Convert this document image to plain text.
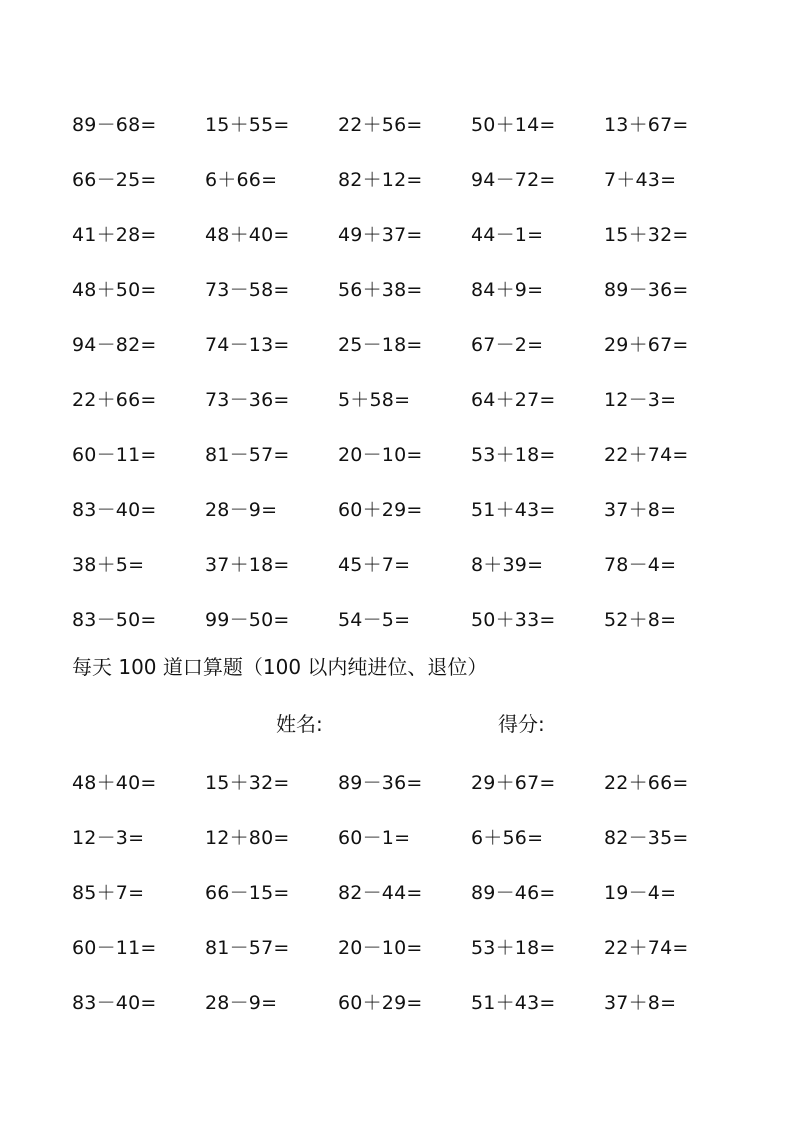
89－68=	15＋55=	22＋56=	50＋14=	13＋67=
66－25=	6＋66=	82＋12=	94－72=	7＋43=
41＋28=	48＋40=	49＋37=	44－1=	15＋32=
48＋50=	73－58=	56＋38=	84＋9=	89－36=
94－82=	74－13=	25－18=	67－2=	29＋67=
22＋66=	73－36=	5＋58=	64＋27=	12－3=
60－11=	81－57=	20－10=	53＋18=	22＋74=
83－40=	28－9=	60＋29=	51＋43=	37＋8=
38＋5=	37＋18=	45＋7=	8＋39=	78－4=
83－50=	99－50=	54－5=	50＋33=	52＋8=
每天 100 道口算题（100 以内纯进位、退位）
姓名:	得分:
48＋40=	15＋32=	89－36=	29＋67=	22＋66=
12－3=	12＋80=	60－1=	6＋56=	82－35=
85＋7=	66－15=	82－44=	89－46=	19－4=
60－11=	81－57=	20－10=	53＋18=	22＋74=
83－40=	28－9=	60＋29=	51＋43=	37＋8=
